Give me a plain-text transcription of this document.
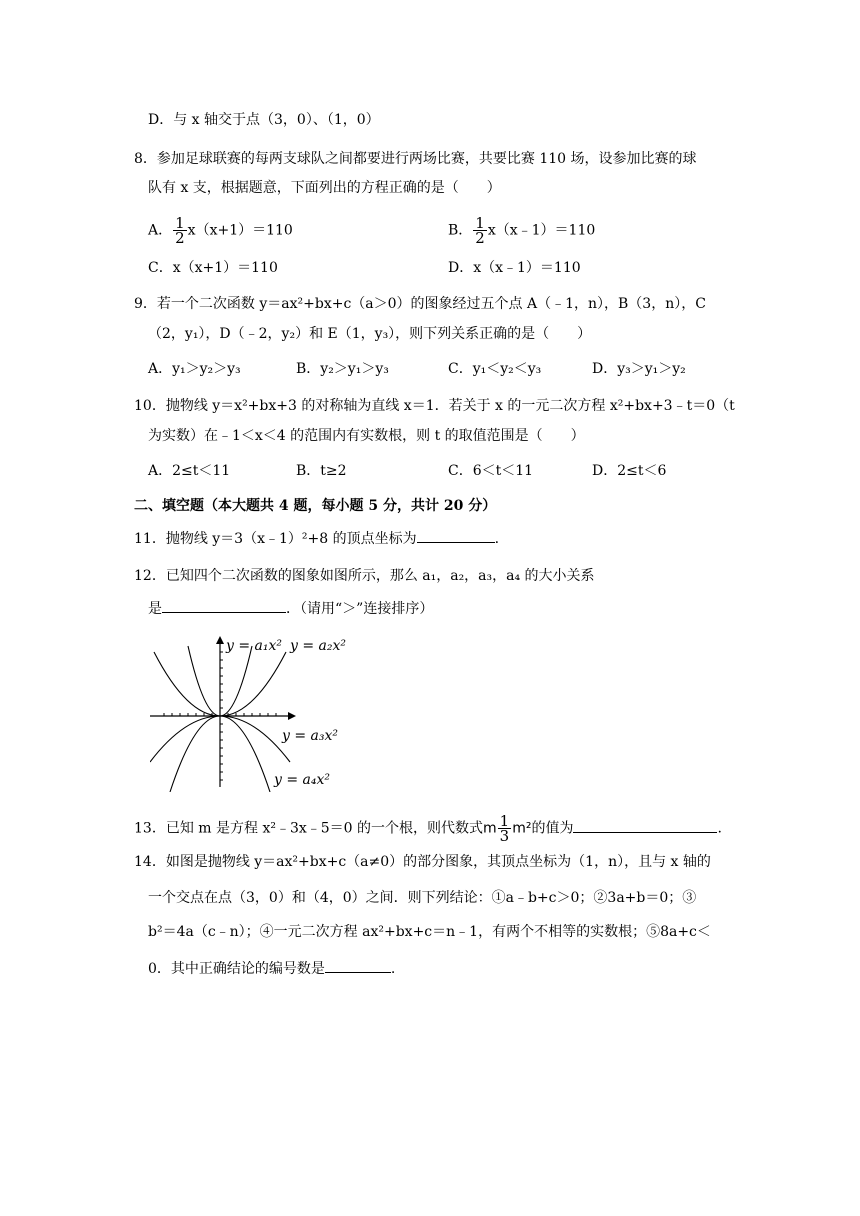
D．与 x 轴交于点（3，0）、（1，0）
8．参加足球联赛的每两支球队之间都要进行两场比赛，共要比赛 110 场，设参加比赛的球
队有 x 支，根据题意，下面列出的方程正确的是（　　）
A． $\frac{1}{2} x(x+1)=110$	B． $\frac{1}{2}$ x（x﹣1）＝110
C．x（x+1）＝110	D．x（x﹣1）＝110
9．若一个二次函数 y＝ax²+bx+c（a＞0）的图象经过五个点 A（﹣1，n），B（3，n），C
（2，y₁），D（﹣2，y₂）和 E（1，y₃），则下列关系正确的是（　　）
A．y₁＞y₂＞y₃	B．y₂＞y₁＞y₃	C．y₁＜y₂＜y₃	D．y₃＞y₁＞y₂
10．抛物线 y＝x²+bx+3 的对称轴为直线 x＝1．若关于 x 的一元二次方程 x²+bx+3﹣t＝0（t
为实数）在﹣1＜x＜4 的范围内有实数根，则 t 的取值范围是（　　）
A．2≤t＜11	B．t≥2	C．6＜t＜11	D．2≤t＜6
二、填空题（本大题共 4 题，每小题 5 分，共计 20 分）
11．抛物线 y＝3（x﹣1）²+8 的顶点坐标为	.
12．已知四个二次函数的图象如图所示，那么 a₁，a₂，a₃，a₄ 的大小关系
是	．（请用“＞”连接排序）
y = a₁x² y = a₂x²
y = a₃x²
y = a₄x²
13．已知 m 是方程 x²﹣3x﹣5＝0 的一个根，则代数式m $\frac{1}{3} m^2$的值为	.
14．如图是抛物线 y＝ax²+bx+c（a≠0）的部分图象，其顶点坐标为（1，n），且与 x 轴的
一个交点在点（3，0）和（4，0）之间．则下列结论：①a﹣b+c＞0；②3a+b＝0；③
b²＝4a（c﹣n）；④一元二次方程 ax²+bx+c＝n﹣1，有两个不相等的实数根；⑤8a+c＜
0．其中正确结论的编号数是	.
